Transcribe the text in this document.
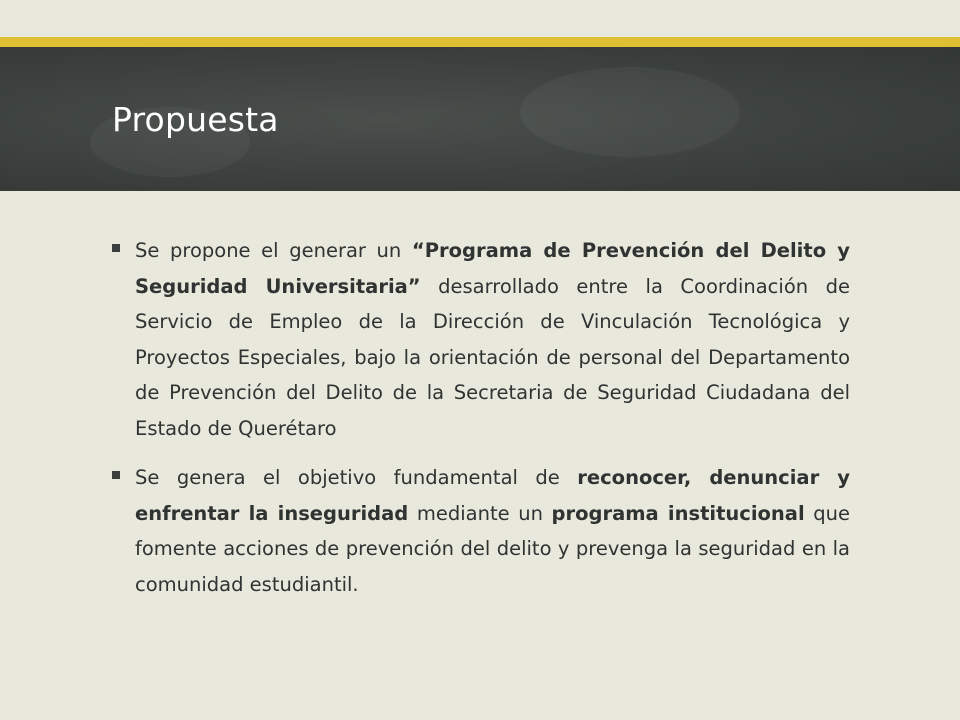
Propuesta

Se propone el generar un “Programa de Prevención del Delito y Seguridad Universitaria” desarrollado entre la Coordinación de Servicio de Empleo de la Dirección de Vinculación Tecnológica y Proyectos Especiales, bajo la orientación de personal del Departamento de Prevención del Delito de la Secretaria de Seguridad Ciudadana del Estado de Querétaro

Se genera el objetivo fundamental de reconocer, denunciar y enfrentar la inseguridad mediante un programa institucional que fomente acciones de prevención del delito y prevenga la seguridad en la comunidad estudiantil.
